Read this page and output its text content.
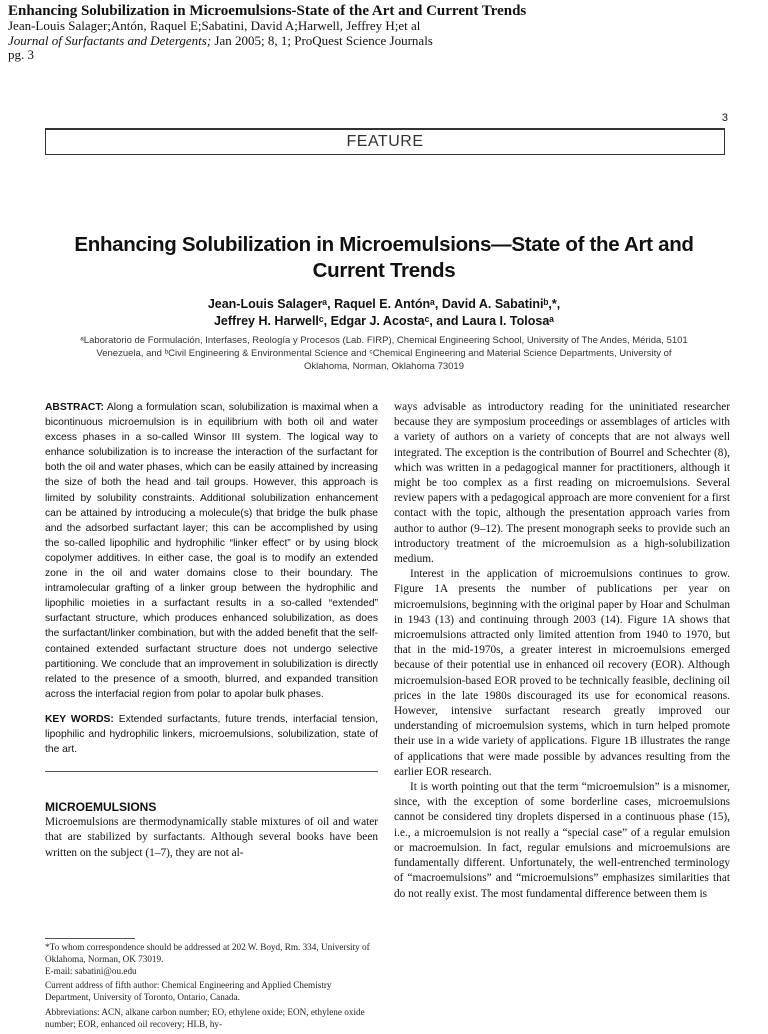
Enhancing Solubilization in Microemulsions-State of the Art and Current Trends
Jean-Louis Salager;Antón, Raquel E;Sabatini, David A;Harwell, Jeffrey H;et al
Journal of Surfactants and Detergents; Jan 2005; 8, 1; ProQuest Science Journals
pg. 3
3
FEATURE
Enhancing Solubilization in Microemulsions—State of the Art and Current Trends
Jean-Louis Salagerᵃ, Raquel E. Antónᵃ, David A. Sabatiniᵇ,*,
Jeffrey H. Harwellᶜ, Edgar J. Acostaᶜ, and Laura I. Tolosaᵃ
ᵃLaboratorio de Formulación, Interfases, Reología y Procesos (Lab. FIRP), Chemical Engineering School, University of The Andes, Mérida, 5101 Venezuela, and ᵇCivil Engineering & Environmental Science and ᶜChemical Engineering and Material Science Departments, University of Oklahoma, Norman, Oklahoma 73019

ABSTRACT: Along a formulation scan, solubilization is maximal when a bicontinuous microemulsion is in equilibrium with both oil and water excess phases in a so-called Winsor III system. The logical way to enhance solubilization is to increase the interaction of the surfactant for both the oil and water phases, which can be easily attained by increasing the size of both the head and tail groups. However, this approach is limited by solubility constraints. Additional solubilization enhancement can be attained by introducing a molecule(s) that bridge the bulk phase and the adsorbed surfactant layer; this can be accomplished by using the so-called lipophilic and hydrophilic “linker effect” or by using block copolymer additives. In either case, the goal is to modify an extended zone in the oil and water domains close to their boundary. The intramolecular grafting of a linker group between the hydrophilic and lipophilic moieties in a surfactant results in a so-called “extended” surfactant structure, which produces enhanced solubilization, as does the surfactant/linker combination, but with the added benefit that the self-contained extended surfactant structure does not undergo selective partitioning. We conclude that an improvement in solubilization is directly related to the presence of a smooth, blurred, and expanded transition across the interfacial region from polar to apolar bulk phases.

KEY WORDS: Extended surfactants, future trends, interfacial tension, lipophilic and hydrophilic linkers, microemulsions, solubilization, state of the art.

MICROEMULSIONS

Microemulsions are thermodynamically stable mixtures of oil and water that are stabilized by surfactants. Although several books have been written on the subject (1–7), they are not al-

*To whom correspondence should be addressed at 202 W. Boyd, Rm. 334, University of Oklahoma, Norman, OK 73019.
E-mail: sabatini@ou.edu

Current address of fifth author: Chemical Engineering and Applied Chemistry Department, University of Toronto, Ontario, Canada.

Abbreviations: ACN, alkane carbon number; EO, ethylene oxide; EON, ethylene oxide number; EOR, enhanced oil recovery; HLB, hy-

ways advisable as introductory reading for the uninitiated researcher because they are symposium proceedings or assemblages of articles with a variety of authors on a variety of concepts that are not always well integrated. The exception is the contribution of Bourrel and Schechter (8), which was written in a pedagogical manner for practitioners, although it might be too complex as a first reading on microemulsions. Several review papers with a pedagogical approach are more convenient for a first contact with the topic, although the presentation approach varies from author to author (9–12). The present monograph seeks to provide such an introductory treatment of the microemulsion as a high-solubilization medium.

Interest in the application of microemulsions continues to grow. Figure 1A presents the number of publications per year on microemulsions, beginning with the original paper by Hoar and Schulman in 1943 (13) and continuing through 2003 (14). Figure 1A shows that microemulsions attracted only limited attention from 1940 to 1970, but that in the mid-1970s, a greater interest in microemulsions emerged because of their potential use in enhanced oil recovery (EOR). Although microemulsion-based EOR proved to be technically feasible, declining oil prices in the late 1980s discouraged its use for economical reasons. However, intensive surfactant research greatly improved our understanding of microemulsion systems, which in turn helped promote their use in a wide variety of applications. Figure 1B illustrates the range of applications that were made possible by advances resulting from the earlier EOR research.

It is worth pointing out that the term “microemulsion” is a misnomer, since, with the exception of some borderline cases, microemulsions cannot be considered tiny droplets dispersed in a continuous phase (15), i.e., a microemulsion is not really a “special case” of a regular emulsion or macroemulsion. In fact, regular emulsions and microemulsions are fundamentally different. Unfortunately, the well-entrenched terminology of “macroemulsions” and “microemulsions” emphasizes similarities that do not really exist. The most fundamental difference between them is
